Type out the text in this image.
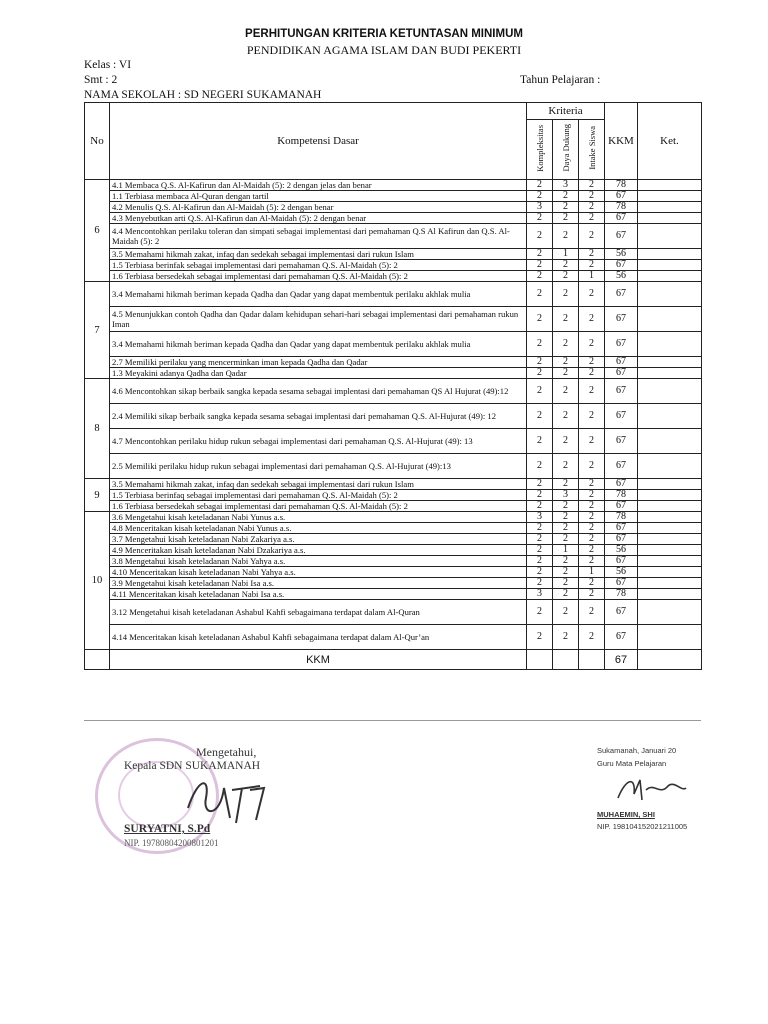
PERHITUNGAN KRITERIA KETUNTASAN MINIMUM
PENDIDIKAN AGAMA ISLAM DAN BUDI PEKERTI
Kelas : VI
Smt : 2
NAMA SEKOLAH : SD NEGERI SUKAMANAH
Tahun Pelajaran :
No	Kompetensi Dasar	Kriteria			KKM	Ket.
		Kompleksitas	Daya Dukung	Intake Siswa		
6	4.1 Membaca Q.S. Al-Kafirun dan Al-Maidah (5): 2 dengan jelas dan benar	2	3	2	78	
	1.1 Terbiasa membaca Al-Quran dengan tartil	2	2	2	67	
	4.2 Menulis Q.S. Al-Kafirun dan Al-Maidah (5): 2 dengan benar	3	2	2	78	
	4.3 Menyebutkan arti Q.S. Al-Kafirun dan Al-Maidah (5): 2 dengan benar	2	2	2	67	
	4.4 Mencontohkan perilaku toleran dan simpati sebagai implementasi dari pemahaman Q.S Al Kafirun dan Q.S. Al-Maidah (5): 2	2	2	2	67	
	3.5 Memahami hikmah zakat, infaq dan sedekah sebagai implementasi dari rukun Islam	2	1	2	56	
	1.5 Terbiasa berinfak sebagai implementasi dari pemahaman Q.S. Al-Maidah (5): 2	2	2	2	67	
	1.6 Terbiasa bersedekah sebagai implementasi dari pemahaman Q.S. Al-Maidah (5): 2	2	2	1	56	
7	3.4 Memahami hikmah beriman kepada Qadha dan Qadar yang dapat membentuk perilaku akhlak mulia	2	2	2	67	
	4.5 Menunjukkan contoh Qadha dan Qadar dalam kehidupan sehari-hari sebagai implementasi dari pemahaman rukun Iman	2	2	2	67	
	3.4 Memahami hikmah beriman kepada Qadha dan Qadar yang dapat membentuk perilaku akhlak mulia	2	2	2	67	
	2.7 Memiliki perilaku yang mencerminkan iman kepada Qadha dan Qadar	2	2	2	67	
	1.3 Meyakini adanya Qadha dan Qadar	2	2	2	67	
8	4.6 Mencontohkan sikap berbaik sangka kepada sesama sebagai implentasi dari pemahaman QS Al Hujurat (49):12	2	2	2	67	
	2.4 Memiliki sikap berbaik sangka kepada sesama sebagai implentasi dari pemahaman Q.S. Al-Hujurat (49): 12	2	2	2	67	
	4.7 Mencontohkan perilaku hidup rukun sebagai implementasi dari pemahaman Q.S. Al-Hujurat (49): 13	2	2	2	67	
	2.5 Memiliki perilaku hidup rukun sebagai implementasi dari pemahaman Q.S. Al-Hujurat (49):13	2	2	2	67	
9	3.5 Memahami hikmah zakat, infaq dan sedekah sebagai implementasi dari rukun Islam	2	2	2	67	
	1.5 Terbiasa berinfaq sebagai implementasi dari pemahaman Q.S. Al-Maidah (5): 2	2	3	2	78	
	1.6 Terbiasa bersedekah sebagai implementasi dari pemahaman Q.S. Al-Maidah (5): 2	2	2	2	67	
10	3.6 Mengetahui kisah keteladanan Nabi Yunus a.s.	3	2	2	78	
	4.8 Menceritakan kisah keteladanan Nabi Yunus a.s.	2	2	2	67	
	3.7 Mengetahui kisah keteladanan Nabi Zakariya a.s.	2	2	2	67	
	4.9 Menceritakan kisah keteladanan Nabi Dzakariya a.s.	2	1	2	56	
	3.8 Mengetahui kisah keteladanan Nabi Yahya a.s.	2	2	2	67	
	4.10 Menceritakan kisah keteladanan Nabi Yahya a.s.	2	2	1	56	
	3.9 Mengetahui kisah keteladanan Nabi Isa a.s.	2	2	2	67	
	4.11 Menceritakan kisah keteladanan Nabi Isa a.s.	3	2	2	78	
	3.12 Mengetahui kisah keteladanan Ashabul Kahfi sebagaimana terdapat dalam Al-Quran	2	2	2	67	
	4.14 Menceritakan kisah keteladanan Ashabul Kahfi sebagaimana terdapat dalam Al-Qur’an	2	2	2	67	
	KKM				67	
Mengetahui,
Kepala SDN SUKAMANAH
SURYATNI, S.Pd
NIP. 19780804200801201
Sukamanah, Januari 20
Guru Mata Pelajaran
MUHAEMIN, SHI
NIP. 198104152021211005
